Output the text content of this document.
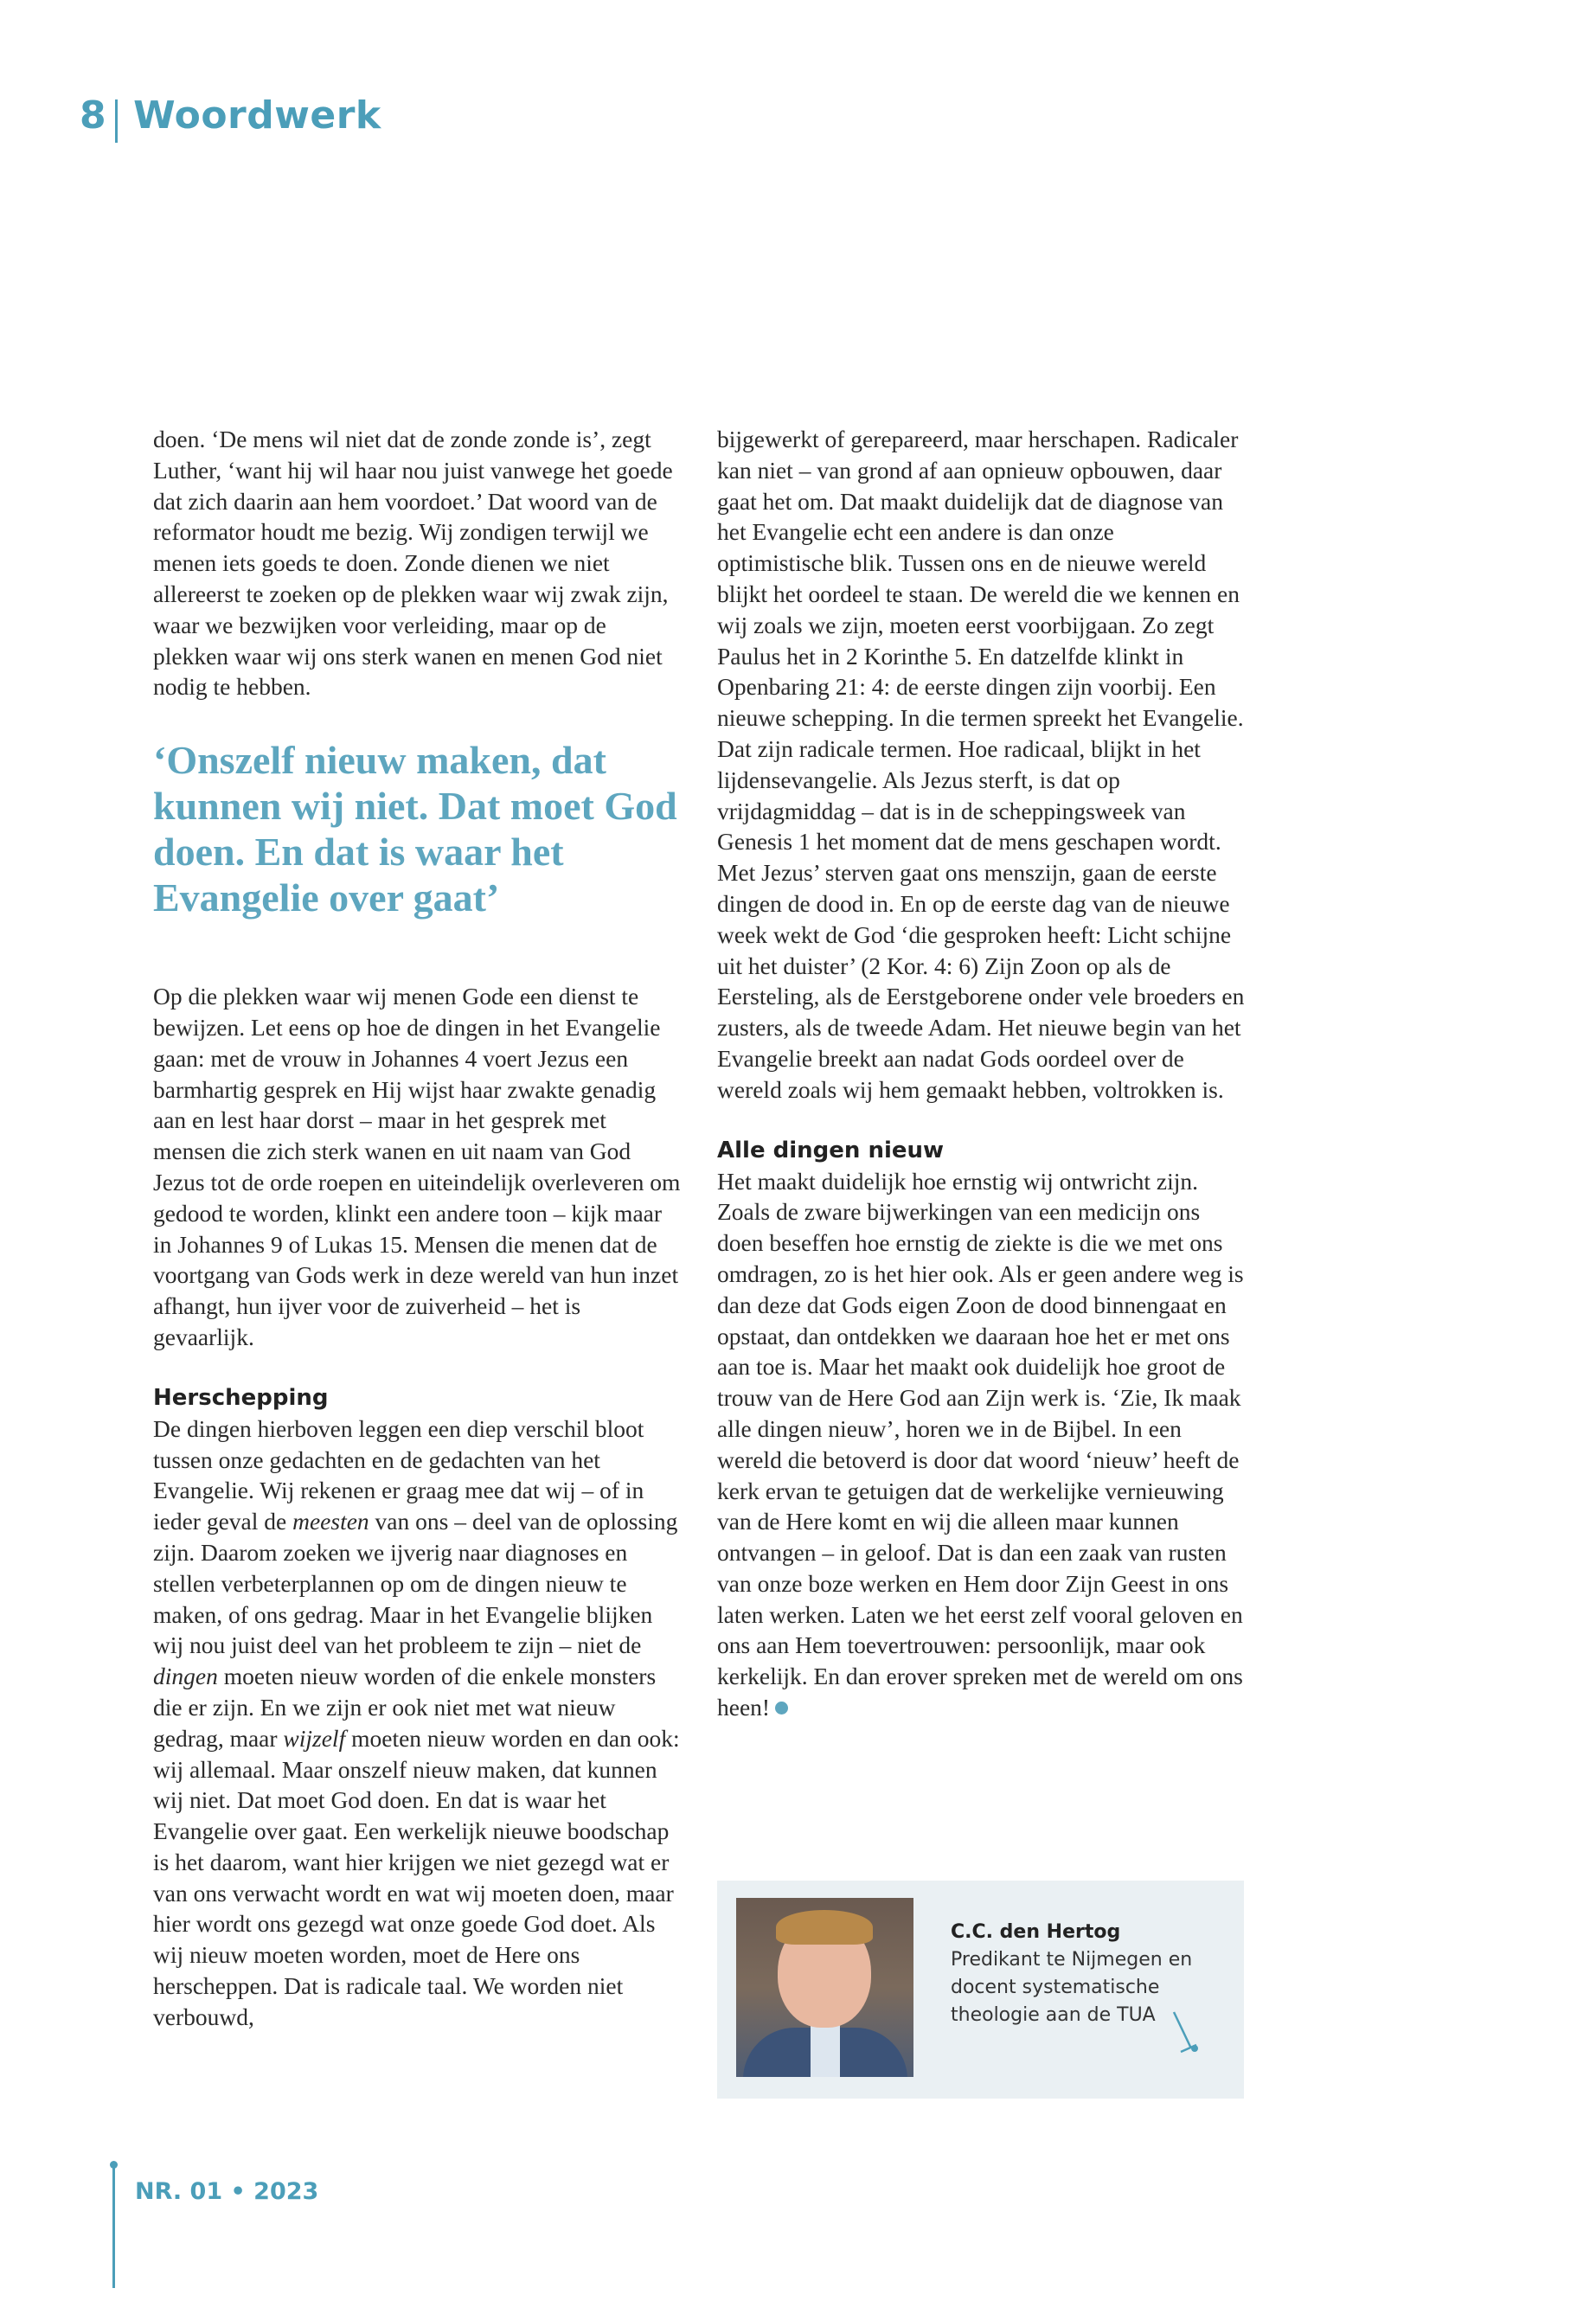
8 Woordwerk

doen. ‘De mens wil niet dat de zonde zonde is’, zegt Luther, ‘want hij wil haar nou juist vanwege het goede dat zich daarin aan hem voordoet.’ Dat woord van de reformator houdt me bezig. Wij zondigen terwijl we menen iets goeds te doen. Zonde dienen we niet allereerst te zoeken op de plekken waar wij zwak zijn, waar we bezwijken voor verleiding, maar op de plekken waar wij ons sterk wanen en menen God niet nodig te hebben.

‘Onszelf nieuw maken, dat kunnen wij niet. Dat moet God doen. En dat is waar het Evangelie over gaat’

Op die plekken waar wij menen Gode een dienst te bewijzen. Let eens op hoe de dingen in het Evangelie gaan: met de vrouw in Johannes 4 voert Jezus een barmhartig gesprek en Hij wijst haar zwakte genadig aan en lest haar dorst – maar in het gesprek met mensen die zich sterk wanen en uit naam van God Jezus tot de orde roepen en uiteindelijk overleveren om gedood te worden, klinkt een andere toon – kijk maar in Johannes 9 of Lukas 15. Mensen die menen dat de voortgang van Gods werk in deze wereld van hun inzet afhangt, hun ijver voor de zuiverheid – het is gevaarlijk.

Herschepping

De dingen hierboven leggen een diep verschil bloot tussen onze gedachten en de gedachten van het Evangelie. Wij rekenen er graag mee dat wij – of in ieder geval de meesten van ons – deel van de oplossing zijn. Daarom zoeken we ijverig naar diagnoses en stellen verbeterplannen op om de dingen nieuw te maken, of ons gedrag. Maar in het Evangelie blijken wij nou juist deel van het probleem te zijn – niet de dingen moeten nieuw worden of die enkele monsters die er zijn. En we zijn er ook niet met wat nieuw gedrag, maar wijzelf moeten nieuw worden en dan ook: wij allemaal. Maar onszelf nieuw maken, dat kunnen wij niet. Dat moet God doen. En dat is waar het Evangelie over gaat. Een werkelijk nieuwe boodschap is het daarom, want hier krijgen we niet gezegd wat er van ons verwacht wordt en wat wij moeten doen, maar hier wordt ons gezegd wat onze goede God doet. Als wij nieuw moeten worden, moet de Here ons herscheppen. Dat is radicale taal. We worden niet verbouwd,

bijgewerkt of gerepareerd, maar herschapen. Radicaler kan niet – van grond af aan opnieuw opbouwen, daar gaat het om. Dat maakt duidelijk dat de diagnose van het Evangelie echt een andere is dan onze optimistische blik. Tussen ons en de nieuwe wereld blijkt het oordeel te staan. De wereld die we kennen en wij zoals we zijn, moeten eerst voorbijgaan. Zo zegt Paulus het in 2 Korinthe 5. En datzelfde klinkt in Openbaring 21: 4: de eerste dingen zijn voorbij. Een nieuwe schepping. In die termen spreekt het Evangelie. Dat zijn radicale termen. Hoe radicaal, blijkt in het lijdensevangelie. Als Jezus sterft, is dat op vrijdagmiddag – dat is in de scheppingsweek van Genesis 1 het moment dat de mens geschapen wordt. Met Jezus’ sterven gaat ons menszijn, gaan de eerste dingen de dood in. En op de eerste dag van de nieuwe week wekt de God ‘die gesproken heeft: Licht schijne uit het duister’ (2 Kor. 4: 6) Zijn Zoon op als de Eersteling, als de Eerstgeborene onder vele broeders en zusters, als de tweede Adam. Het nieuwe begin van het Evangelie breekt aan nadat Gods oordeel over de wereld zoals wij hem gemaakt hebben, voltrokken is.

Alle dingen nieuw

Het maakt duidelijk hoe ernstig wij ontwricht zijn. Zoals de zware bijwerkingen van een medicijn ons doen beseffen hoe ernstig de ziekte is die we met ons omdragen, zo is het hier ook. Als er geen andere weg is dan deze dat Gods eigen Zoon de dood binnengaat en opstaat, dan ontdekken we daaraan hoe het er met ons aan toe is. Maar het maakt ook duidelijk hoe groot de trouw van de Here God aan Zijn werk is. ‘Zie, Ik maak alle dingen nieuw’, horen we in de Bijbel. In een wereld die betoverd is door dat woord ‘nieuw’ heeft de kerk ervan te getuigen dat de werkelijke vernieuwing van de Here komt en wij die alleen maar kunnen ontvangen – in geloof. Dat is dan een zaak van rusten van onze boze werken en Hem door Zijn Geest in ons laten werken. Laten we het eerst zelf vooral geloven en ons aan Hem toevertrouwen: persoonlijk, maar ook kerkelijk. En dan erover spreken met de wereld om ons heen!

C.C. den Hertog
Predikant te Nijmegen en docent systematische theologie aan de TUA
NR. 01 • 2023
